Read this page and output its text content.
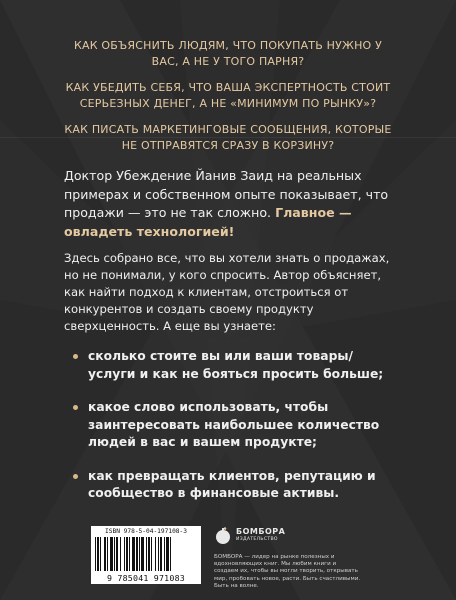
КАК ОБЪЯСНИТЬ ЛЮДЯМ, ЧТО ПОКУПАТЬ НУЖНО У ВАС, А НЕ У ТОГО ПАРНЯ?

КАК УБЕДИТЬ СЕБЯ, ЧТО ВАША ЭКСПЕРТНОСТЬ СТОИТ СЕРЬЕЗНЫХ ДЕНЕГ, А НЕ «МИНИМУМ ПО РЫНКУ»?

КАК ПИСАТЬ МАРКЕТИНГОВЫЕ СООБЩЕНИЯ, КОТОРЫЕ НЕ ОТПРАВЯТСЯ СРАЗУ В КОРЗИНУ?

Доктор Убеждение Йанив Заид на реальных примерах и собственном опыте показывает, что продажи — это не так сложно. Главное — овладеть технологией!
Здесь собрано все, что вы хотели знать о продажах, но не понимали, у кого спросить. Автор объясняет, как найти подход к клиентам, отстроиться от конкурентов и создать своему продукту сверхценность. А еще вы узнаете:
сколько стоите вы или ваши товары/услуги и как не бояться просить больше;
какое слово использовать, чтобы заинтересовать наибольшее количество людей в вас и вашем продукте;
как превращать клиентов, репутацию и сообщество в финансовые активы.
ISBN 978-5-04-197108-3
9 785041 971083
БОМБОРА
ИЗДАТЕЛЬСТВО
БОМБОРА — лидер на рынке полезных и вдохновляющих книг. Мы любим книги и создаем их, чтобы вы могли творить, открывать мир, пробовать новое, расти. Быть счастливыми. Быть на волне.
